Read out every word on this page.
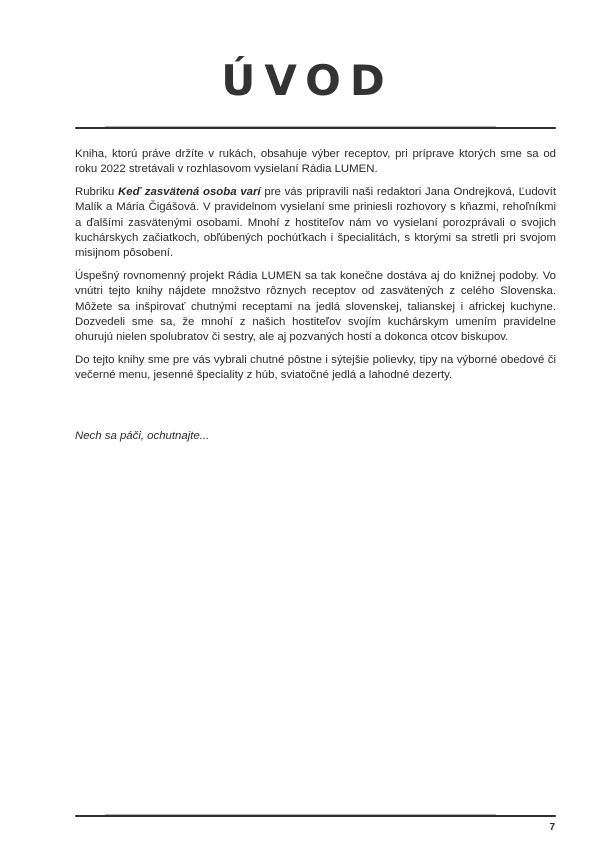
ÚVOD

Kniha, ktorú práve držíte v rukách, obsahuje výber receptov, pri príprave ktorých sme sa od roku 2022 stretávali v rozhlasovom vysielaní Rádia LUMEN.

Rubriku Keď zasvätená osoba varí pre vás pripravili naši redaktori Jana Ondrejková, Ľudovít Malík a Mária Čigášová. V pravidelnom vysielaní sme priniesli rozhovory s kňazmi, rehoľníkmi a ďalšími zasvätenými osobami. Mnohí z hostiteľov nám vo vysielaní porozprávali o svojich kuchárskych začiatkoch, obľúbených pochúťkach i špecialitách, s ktorými sa stretli pri svojom misijnom pôsobení.

Úspešný rovnomenný projekt Rádia LUMEN sa tak konečne dostáva aj do knižnej podoby. Vo vnútri tejto knihy nájdete množstvo rôznych receptov od zasvätených z celého Slovenska. Môžete sa inšpirovať chutnými receptami na jedlá slovenskej, talianskej i africkej kuchyne. Dozvedeli sme sa, že mnohí z našich hostiteľov svojím kuchárskym umením pravidelne ohurujú nielen spolubratov či sestry, ale aj pozvaných hostí a dokonca otcov biskupov.

Do tejto knihy sme pre vás vybrali chutné pôstne i sýtejšie polievky, tipy na výborné obedové či večerné menu, jesenné špeciality z húb, sviatočné jedlá a lahodné dezerty.

Nech sa páči, ochutnajte...

7
